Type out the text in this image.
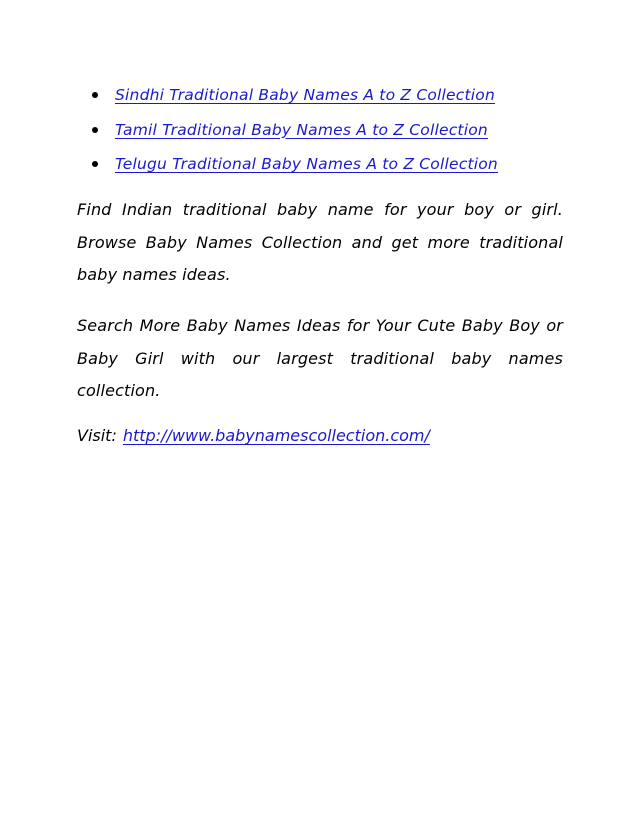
Sindhi Traditional Baby Names A to Z Collection
Tamil Traditional Baby Names A to Z Collection
Telugu Traditional Baby Names A to Z Collection

Find Indian traditional baby name for your boy or girl. Browse Baby Names Collection and get more traditional baby names ideas.

Search More Baby Names Ideas for Your Cute Baby Boy or Baby Girl with our largest traditional baby names collection.

Visit: http://www.babynamescollection.com/
